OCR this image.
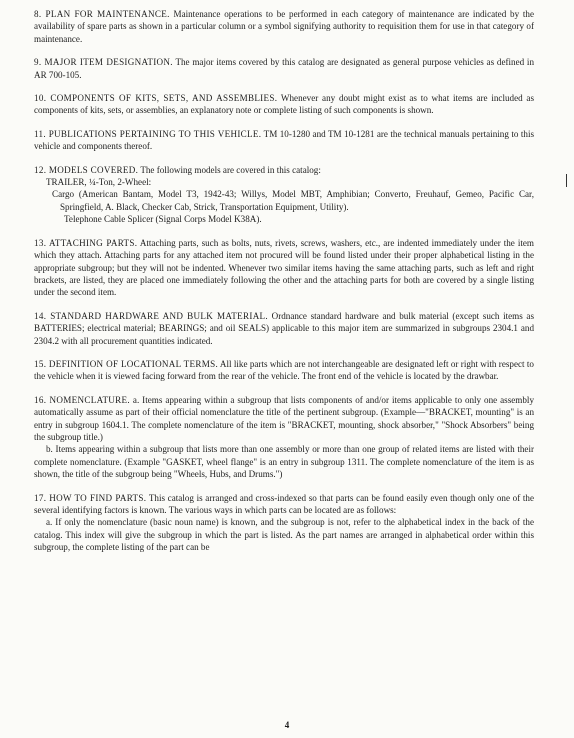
8. PLAN FOR MAINTENANCE. Maintenance operations to be performed in each category of maintenance are indicated by the availability of spare parts as shown in a particular column or a symbol signifying authority to requisition them for use in that category of maintenance.

9. MAJOR ITEM DESIGNATION. The major items covered by this catalog are designated as general purpose vehicles as defined in AR 700-105.

10. COMPONENTS OF KITS, SETS, AND ASSEMBLIES. Whenever any doubt might exist as to what items are included as components of kits, sets, or assemblies, an explanatory note or complete listing of such components is shown.

11. PUBLICATIONS PERTAINING TO THIS VEHICLE. TM 10-1280 and TM 10-1281 are the technical manuals pertaining to this vehicle and components thereof.

12. MODELS COVERED. The following models are covered in this catalog:

TRAILER, ¼-Ton, 2-Wheel:

Cargo (American Bantam, Model T3, 1942-43; Willys, Model MBT, Amphibian; Converto, Freuhauf, Gemeo, Pacific Car, Springfield, A. Black, Checker Cab, Strick, Transportation Equipment, Utility).

Telephone Cable Splicer (Signal Corps Model K38A).

13. ATTACHING PARTS. Attaching parts, such as bolts, nuts, rivets, screws, washers, etc., are indented immediately under the item which they attach. Attaching parts for any attached item not procured will be found listed under their proper alphabetical listing in the appropriate subgroup; but they will not be indented. Whenever two similar items having the same attaching parts, such as left and right brackets, are listed, they are placed one immediately following the other and the attaching parts for both are covered by a single listing under the second item.

14. STANDARD HARDWARE AND BULK MATERIAL. Ordnance standard hardware and bulk material (except such items as BATTERIES; electrical material; BEARINGS; and oil SEALS) applicable to this major item are summarized in subgroups 2304.1 and 2304.2 with all procurement quantities indicated.

15. DEFINITION OF LOCATIONAL TERMS. All like parts which are not interchangeable are designated left or right with respect to the vehicle when it is viewed facing forward from the rear of the vehicle. The front end of the vehicle is located by the drawbar.

16. NOMENCLATURE. a. Items appearing within a subgroup that lists components of and/or items applicable to only one assembly automatically assume as part of their official nomenclature the title of the pertinent subgroup. (Example—"BRACKET, mounting" is an entry in subgroup 1604.1. The complete nomenclature of the item is "BRACKET, mounting, shock absorber," "Shock Absorbers" being the subgroup title.)

b. Items appearing within a subgroup that lists more than one assembly or more than one group of related items are listed with their complete nomenclature. (Example "GASKET, wheel flange" is an entry in subgroup 1311. The complete nomenclature of the item is as shown, the title of the subgroup being "Wheels, Hubs, and Drums.")

17. HOW TO FIND PARTS. This catalog is arranged and cross-indexed so that parts can be found easily even though only one of the several identifying factors is known. The various ways in which parts can be located are as follows:

a. If only the nomenclature (basic noun name) is known, and the subgroup is not, refer to the alphabetical index in the back of the catalog. This index will give the subgroup in which the part is listed. As the part names are arranged in alphabetical order within this subgroup, the complete listing of the part can be

4
